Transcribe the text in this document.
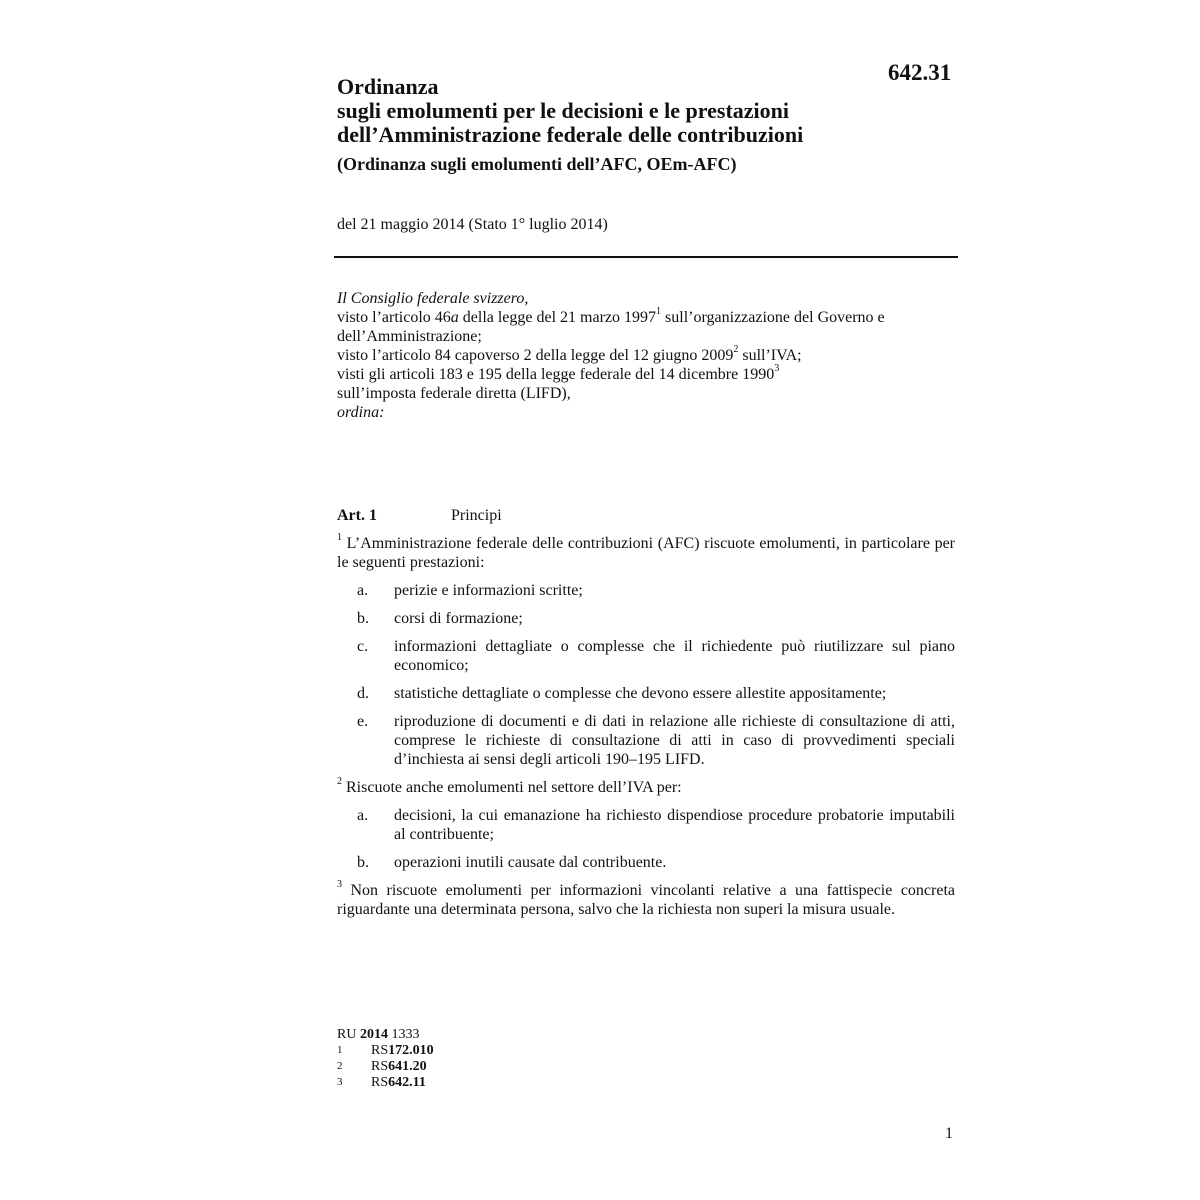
642.31
Ordinanza
sugli emolumenti per le decisioni e le prestazioni
dell’Amministrazione federale delle contribuzioni
(Ordinanza sugli emolumenti dell’AFC, OEm-AFC)
del 21 maggio 2014 (Stato 1° luglio 2014)

Il Consiglio federale svizzero,

visto l’articolo 46a della legge del 21 marzo 1997$^1$ sull’organizzazione del Governo e dell’Amministrazione;

visto l’articolo 84 capoverso 2 della legge del 12 giugno 2009$^2$ sull’IVA;

visti gli articoli 183 e 195 della legge federale del 14 dicembre 1990$^3$
sull’imposta federale diretta (LIFD),

ordina:

Art. 1	Principi

$^1$ L’Amministrazione federale delle contribuzioni (AFC) riscuote emolumenti, in particolare per le seguenti prestazioni:

a.	perizie e informazioni scritte;
b.	corsi di formazione;
c.	informazioni dettagliate o complesse che il richiedente può riutilizzare sul piano economico;
d.	statistiche dettagliate o complesse che devono essere allestite appositamente;
e.	riproduzione di documenti e di dati in relazione alle richieste di consultazione di atti, comprese le richieste di consultazione di atti in caso di provvedimenti speciali d’inchiesta ai sensi degli articoli 190–195 LIFD.

$^2$ Riscuote anche emolumenti nel settore dell’IVA per:

a.	decisioni, la cui emanazione ha richiesto dispendiose procedure probatorie imputabili al contribuente;
b.	operazioni inutili causate dal contribuente.

$^3$ Non riscuote emolumenti per informazioni vincolanti relative a una fattispecie concreta riguardante una determinata persona, salvo che la richiesta non superi la misura usuale.

RU 2014 1333
1	RS 172.010
2	RS 641.20
3	RS 642.11
1
